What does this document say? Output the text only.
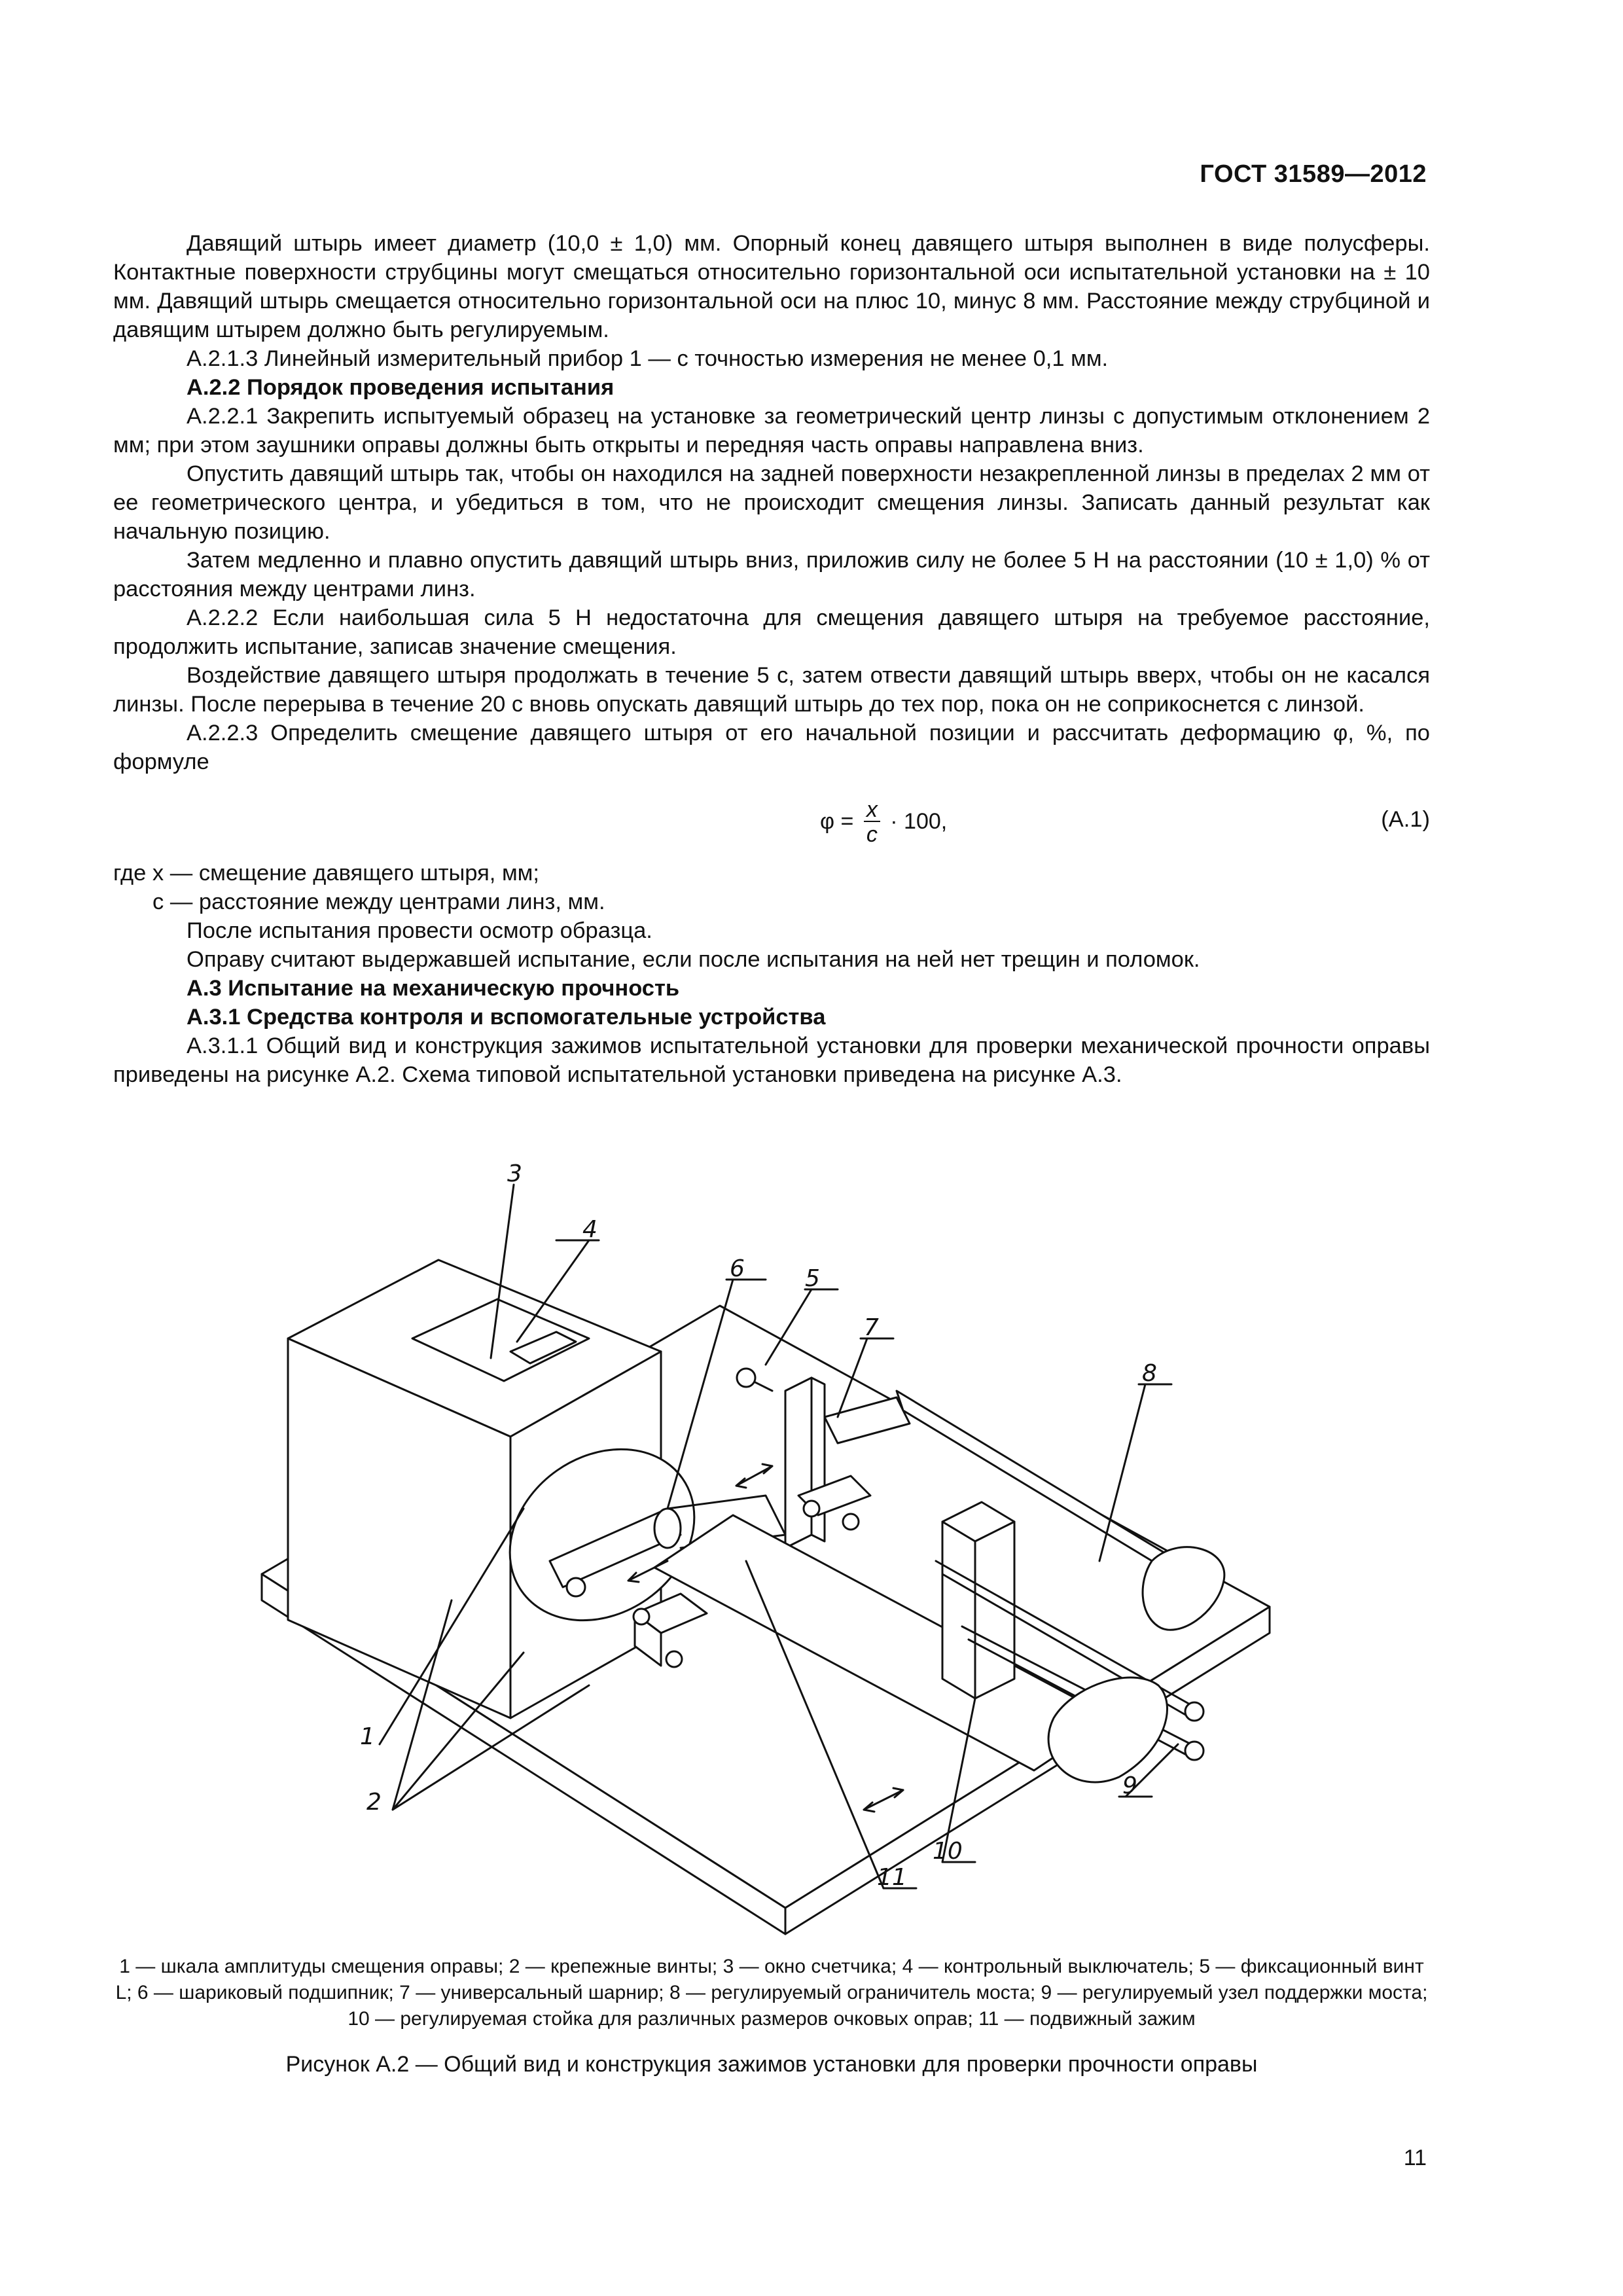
ГОСТ 31589—2012

Давящий штырь имеет диаметр (10,0 ± 1,0) мм. Опорный конец давящего штыря выполнен в виде полусферы. Контактные поверхности струбцины могут смещаться относительно горизонтальной оси испытательной установки на ± 10 мм. Давящий штырь смещается относительно горизонтальной оси на плюс 10, минус 8 мм. Расстояние между струбциной и давящим штырем должно быть регулируемым.

А.2.1.3 Линейный измерительный прибор 1 — с точностью измерения не менее 0,1 мм.

А.2.2 Порядок проведения испытания

А.2.2.1 Закрепить испытуемый образец на установке за геометрический центр линзы с допустимым отклонением 2 мм; при этом заушники оправы должны быть открыты и передняя часть оправы направлена вниз.

Опустить давящий штырь так, чтобы он находился на задней поверхности незакрепленной линзы в пределах 2 мм от ее геометрического центра, и убедиться в том, что не происходит смещения линзы. Записать данный результат как начальную позицию.

Затем медленно и плавно опустить давящий штырь вниз, приложив силу не более 5 Н на расстоянии (10 ± 1,0) % от расстояния между центрами линз.

А.2.2.2 Если наибольшая сила 5 Н недостаточна для смещения давящего штыря на требуемое расстояние, продолжить испытание, записав значение смещения.

Воздействие давящего штыря продолжать в течение 5 с, затем отвести давящий штырь вверх, чтобы он не касался линзы. После перерыва в течение 20 с вновь опускать давящий штырь до тех пор, пока он не соприкоснется с линзой.

А.2.2.3 Определить смещение давящего штыря от его начальной позиции и рассчитать деформацию φ, %, по формуле

$\varphi = \frac{x}{c} \cdot 100$,	(А.1)

где x — смещение давящего штыря, мм;

c — расстояние между центрами линз, мм.

После испытания провести осмотр образца.

Оправу считают выдержавшей испытание, если после испытания на ней нет трещин и поломок.

А.3 Испытание на механическую прочность

А.3.1 Средства контроля и вспомогательные устройства

А.3.1.1 Общий вид и конструкция зажимов испытательной установки для проверки механической прочности оправы приведены на рисунке А.2. Схема типовой испытательной установки приведена на рисунке А.3.

1
2
3
4
5
6
7
8
9
10
11
1 — шкала амплитуды смещения оправы; 2 — крепежные винты; 3 — окно счетчика; 4 — контрольный выключатель; 5 — фиксационный винт L; 6 — шариковый подшипник; 7 — универсальный шарнир; 8 — регулируемый ограничитель моста; 9 — регулируемый узел поддержки моста; 10 — регулируемая стойка для различных размеров очковых оправ; 11 — подвижный зажим
Рисунок А.2 — Общий вид и конструкция зажимов установки для проверки прочности оправы
11
